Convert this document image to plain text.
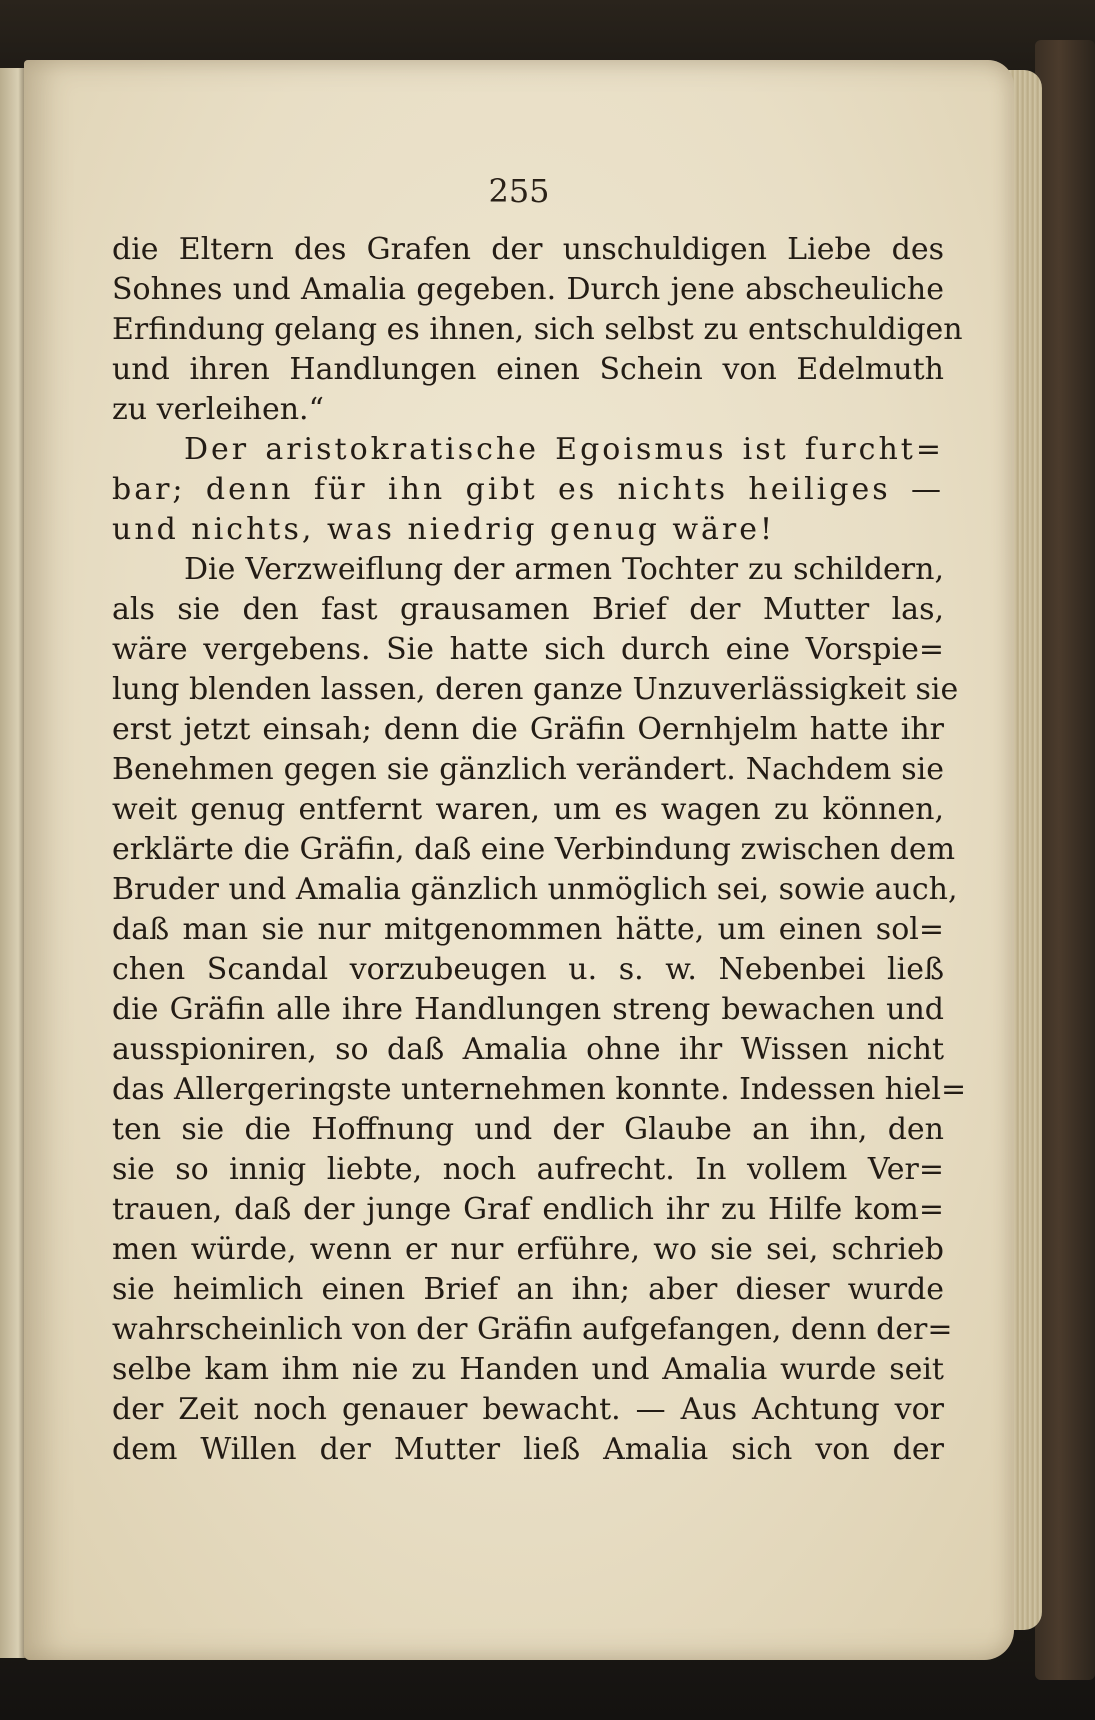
255
die Eltern des Grafen der unschuldigen Liebe des
Sohnes und Amalia gegeben. Durch jene abscheuliche
Erfindung gelang es ihnen, sich selbst zu entschuldigen
und ihren Handlungen einen Schein von Edelmuth
zu verleihen.“
Der aristokratische Egoismus ist furcht=
bar; denn für ihn gibt es nichts heiliges —
und nichts, was niedrig genug wäre!
Die Verzweiflung der armen Tochter zu schildern,
als sie den fast grausamen Brief der Mutter las,
wäre vergebens. Sie hatte sich durch eine Vorspie=
lung blenden lassen, deren ganze Unzuverlässigkeit sie
erst jetzt einsah; denn die Gräfin Oernhjelm hatte ihr
Benehmen gegen sie gänzlich verändert. Nachdem sie
weit genug entfernt waren, um es wagen zu können,
erklärte die Gräfin, daß eine Verbindung zwischen dem
Bruder und Amalia gänzlich unmöglich sei, sowie auch,
daß man sie nur mitgenommen hätte, um einen sol=
chen Scandal vorzubeugen u. s. w. Nebenbei ließ
die Gräfin alle ihre Handlungen streng bewachen und
ausspioniren, so daß Amalia ohne ihr Wissen nicht
das Allergeringste unternehmen konnte. Indessen hiel=
ten sie die Hoffnung und der Glaube an ihn, den
sie so innig liebte, noch aufrecht. In vollem Ver=
trauen, daß der junge Graf endlich ihr zu Hilfe kom=
men würde, wenn er nur erführe, wo sie sei, schrieb
sie heimlich einen Brief an ihn; aber dieser wurde
wahrscheinlich von der Gräfin aufgefangen, denn der=
selbe kam ihm nie zu Handen und Amalia wurde seit
der Zeit noch genauer bewacht. — Aus Achtung vor
dem Willen der Mutter ließ Amalia sich von der
